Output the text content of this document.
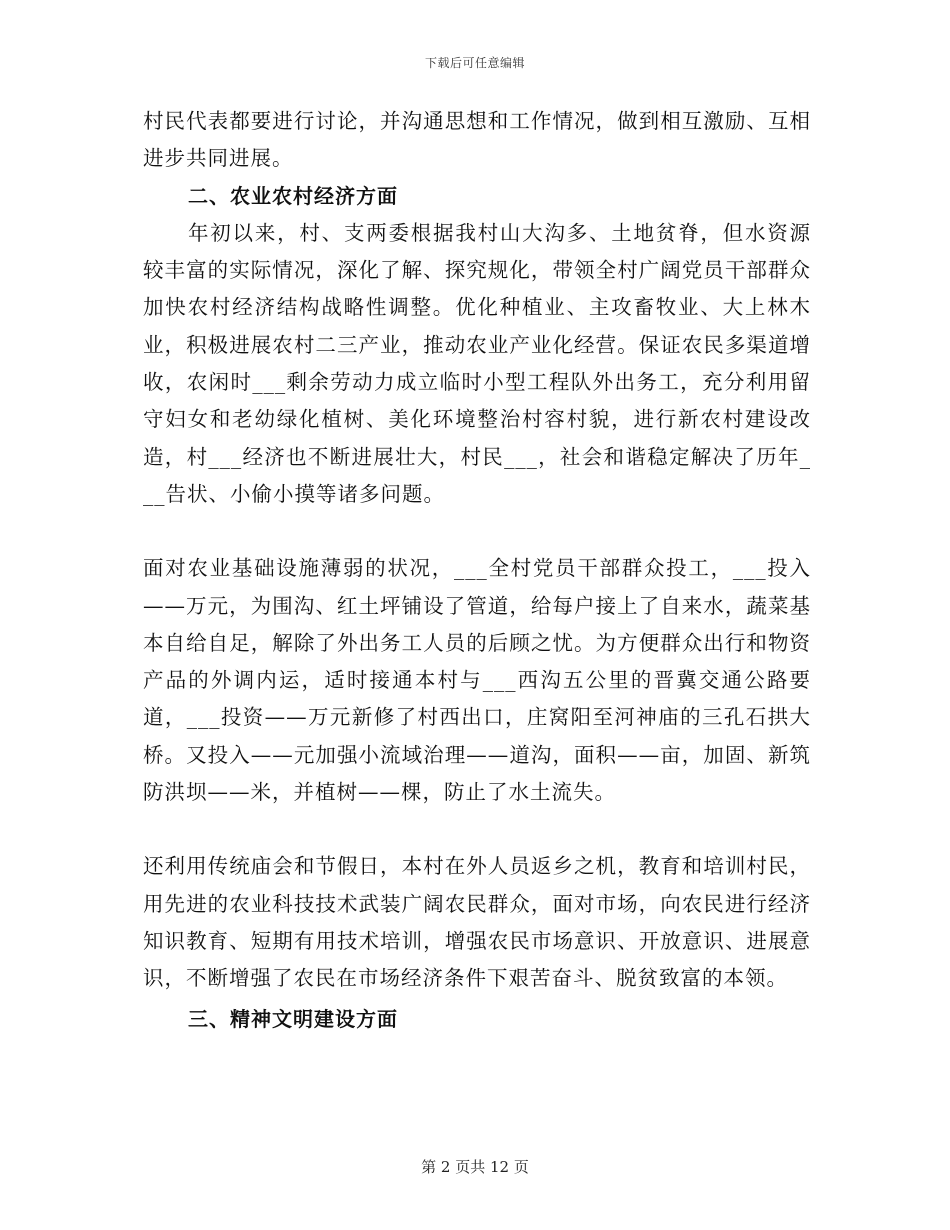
下载后可任意编辑

村民代表都要进行讨论，并沟通思想和工作情况，做到相互激励、互相进步共同进展。

二、农业农村经济方面

年初以来，村、支两委根据我村山大沟多、土地贫脊，但水资源较丰富的实际情况，深化了解、探究规化，带领全村广阔党员干部群众加快农村经济结构战略性调整。优化种植业、主攻畜牧业、大上林木业，积极进展农村二三产业，推动农业产业化经营。保证农民多渠道增收，农闲时___剩余劳动力成立临时小型工程队外出务工，充分利用留守妇女和老幼绿化植树、美化环境整治村容村貌，进行新农村建设改造，村___经济也不断进展壮大，村民___，社会和谐稳定解决了历年___告状、小偷小摸等诸多问题。

面对农业基础设施薄弱的状况，___全村党员干部群众投工，___投入——万元，为围沟、红土坪铺设了管道，给每户接上了自来水，蔬菜基本自给自足，解除了外出务工人员的后顾之忧。为方便群众出行和物资产品的外调内运，适时接通本村与___西沟五公里的晋冀交通公路要道，___投资——万元新修了村西出口，庄窝阳至河神庙的三孔石拱大桥。又投入——元加强小流域治理——道沟，面积——亩，加固、新筑防洪坝——米，并植树——棵，防止了水土流失。

还利用传统庙会和节假日，本村在外人员返乡之机，教育和培训村民，用先进的农业科技技术武装广阔农民群众，面对市场，向农民进行经济知识教育、短期有用技术培训，增强农民市场意识、开放意识、进展意识，不断增强了农民在市场经济条件下艰苦奋斗、脱贫致富的本领。

三、精神文明建设方面

第 2 页共 12 页
